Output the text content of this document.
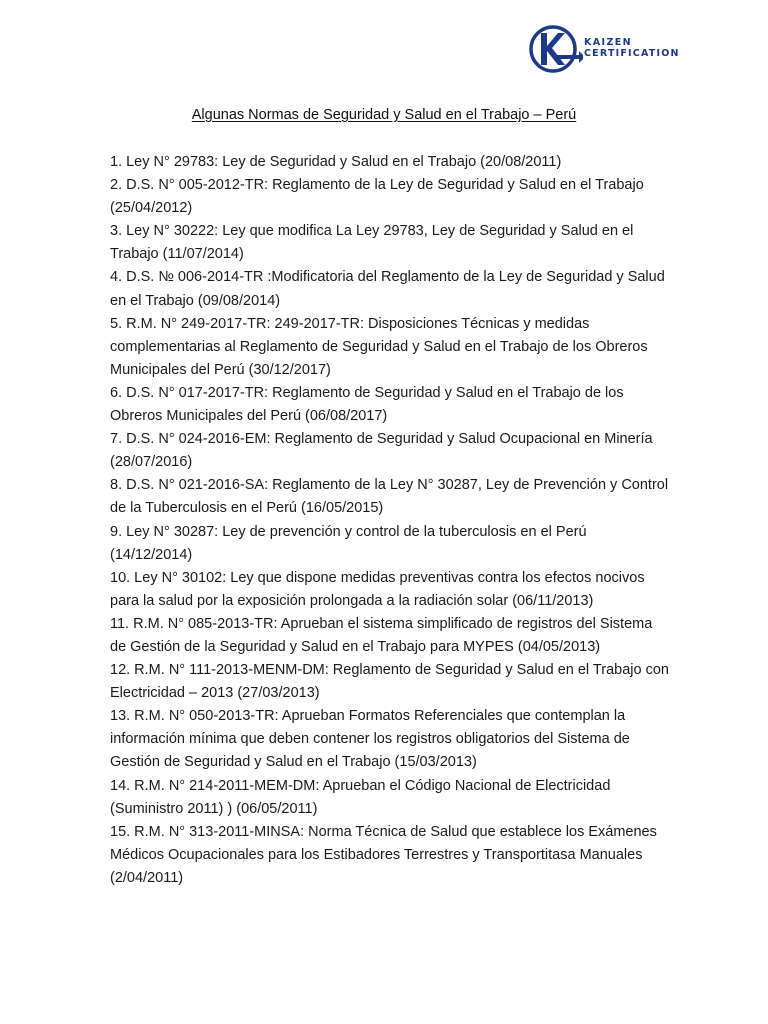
KAIZEN
CERTIFICATION
Algunas Normas de Seguridad y Salud en el Trabajo – Perú
1. Ley N° 29783: Ley de Seguridad y Salud en el Trabajo (20/08/2011)
2. D.S. N° 005-2012-TR: Reglamento de la Ley de Seguridad y Salud en el Trabajo (25/04/2012)
3. Ley N° 30222: Ley que modifica La Ley 29783, Ley de Seguridad y Salud en el Trabajo (11/07/2014)
4. D.S. № 006-2014-TR :Modificatoria del Reglamento de la Ley de Seguridad y Salud en el Trabajo (09/08/2014)
5. R.M. N° 249-2017-TR: 249-2017-TR: Disposiciones Técnicas y medidas complementarias al Reglamento de Seguridad y Salud en el Trabajo de los Obreros Municipales del Perú (30/12/2017)
6. D.S. N° 017-2017-TR: Reglamento de Seguridad y Salud en el Trabajo de los Obreros Municipales del Perú (06/08/2017)
7. D.S. N° 024-2016-EM: Reglamento de Seguridad y Salud Ocupacional en Minería (28/07/2016)
8. D.S. N° 021-2016-SA: Reglamento de la Ley N° 30287, Ley de Prevención y Control de la Tuberculosis en el Perú (16/05/2015)
9. Ley N° 30287: Ley de prevención y control de la tuberculosis en el Perú (14/12/2014)
10. Ley N° 30102: Ley que dispone medidas preventivas contra los efectos nocivos para la salud por la exposición prolongada a la radiación solar (06/11/2013)
11. R.M. N° 085-2013-TR: Aprueban el sistema simplificado de registros del Sistema de Gestión de la Seguridad y Salud en el Trabajo para MYPES (04/05/2013)
12. R.M. N° 111-2013-MENM-DM: Reglamento de Seguridad y Salud en el Trabajo con Electricidad – 2013 (27/03/2013)
13. R.M. N° 050-2013-TR: Aprueban Formatos Referenciales que contemplan la información mínima que deben contener los registros obligatorios del Sistema de Gestión de Seguridad y Salud en el Trabajo (15/03/2013)
14. R.M. N° 214-2011-MEM-DM: Aprueban el Código Nacional de Electricidad (Suministro 2011) ) (06/05/2011)
15. R.M. N° 313-2011-MINSA: Norma Técnica de Salud que establece los Exámenes Médicos Ocupacionales para los Estibadores Terrestres y Transportitasa Manuales (2/04/2011)
